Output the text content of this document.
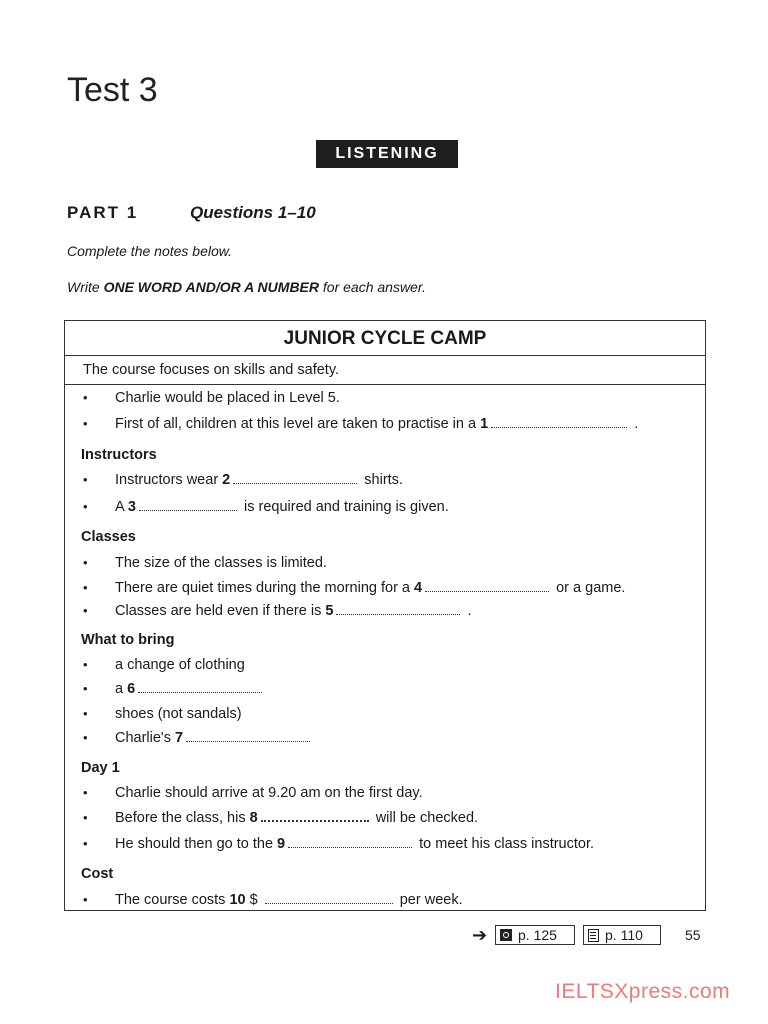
Test 3
LISTENING
PART 1	Questions 1–10
Complete the notes below.
Write ONE WORD AND/OR A NUMBER for each answer.
JUNIOR CYCLE CAMP
The course focuses on skills and safety.
• Charlie would be placed in Level 5.
• First of all, children at this level are taken to practise in a 1	.
Instructors
• Instructors wear 2	shirts.
• A 3	is required and training is given.
Classes
• The size of the classes is limited.
• There are quiet times during the morning for a 4	or a game.
• Classes are held even if there is 5	.
What to bring
• a change of clothing
• a 6
• shoes (not sandals)
• Charlie's 7
Day 1
• Charlie should arrive at 9.20 am on the first day.
• Before the class, his 8	will be checked.
• He should then go to the 9	to meet his class instructor.
Cost
• The course costs 10 $	per week.
➔ p. 125	p. 110	55
IELTSXpress.com
